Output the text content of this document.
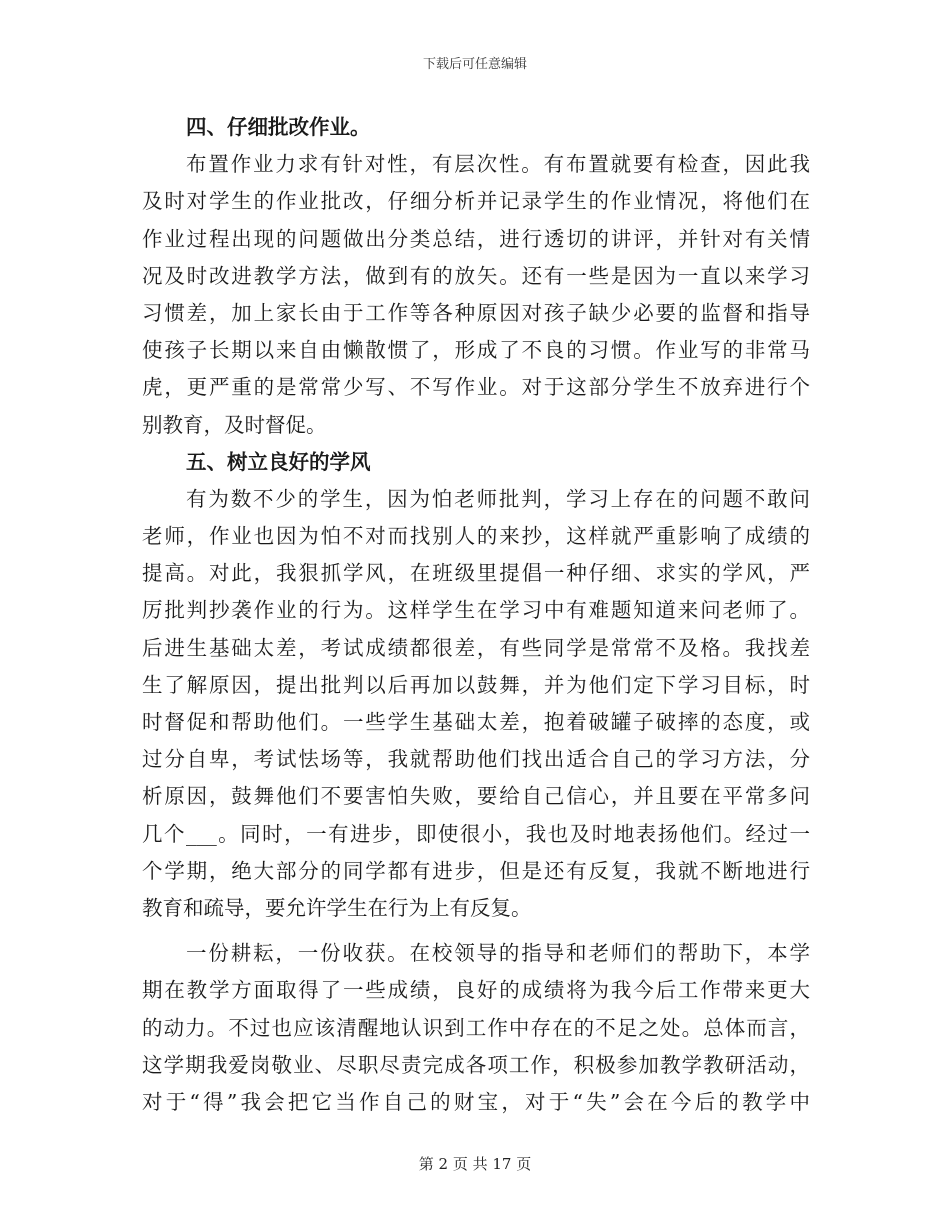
下载后可任意编辑
四、仔细批改作业。
布置作业力求有针对性，有层次性。有布置就要有检查，因此我
及时对学生的作业批改，仔细分析并记录学生的作业情况，将他们在
作业过程出现的问题做出分类总结，进行透切的讲评，并针对有关情
况及时改进教学方法，做到有的放矢。还有一些是因为一直以来学习
习惯差，加上家长由于工作等各种原因对孩子缺少必要的监督和指导
使孩子长期以来自由懒散惯了，形成了不良的习惯。作业写的非常马
虎，更严重的是常常少写、不写作业。对于这部分学生不放弃进行个
别教育，及时督促。
五、树立良好的学风
有为数不少的学生，因为怕老师批判，学习上存在的问题不敢问
老师，作业也因为怕不对而找别人的来抄，这样就严重影响了成绩的
提高。对此，我狠抓学风，在班级里提倡一种仔细、求实的学风，严
厉批判抄袭作业的行为。这样学生在学习中有难题知道来问老师了。
后进生基础太差，考试成绩都很差，有些同学是常常不及格。我找差
生了解原因，提出批判以后再加以鼓舞，并为他们定下学习目标，时
时督促和帮助他们。一些学生基础太差，抱着破罐子破摔的态度，或
过分自卑，考试怯场等，我就帮助他们找出适合自己的学习方法，分
析原因，鼓舞他们不要害怕失败，要给自己信心，并且要在平常多问
几个___。同时，一有进步，即使很小，我也及时地表扬他们。经过一
个学期，绝大部分的同学都有进步，但是还有反复，我就不断地进行
教育和疏导，要允许学生在行为上有反复。
一份耕耘，一份收获。在校领导的指导和老师们的帮助下，本学
期在教学方面取得了一些成绩，良好的成绩将为我今后工作带来更大
的动力。不过也应该清醒地认识到工作中存在的不足之处。总体而言，
这学期我爱岗敬业、尽职尽责完成各项工作，积极参加教学教研活动，
对于“得”我会把它当作自己的财宝，对于“失”会在今后的教学中
第 2 页 共 17 页
